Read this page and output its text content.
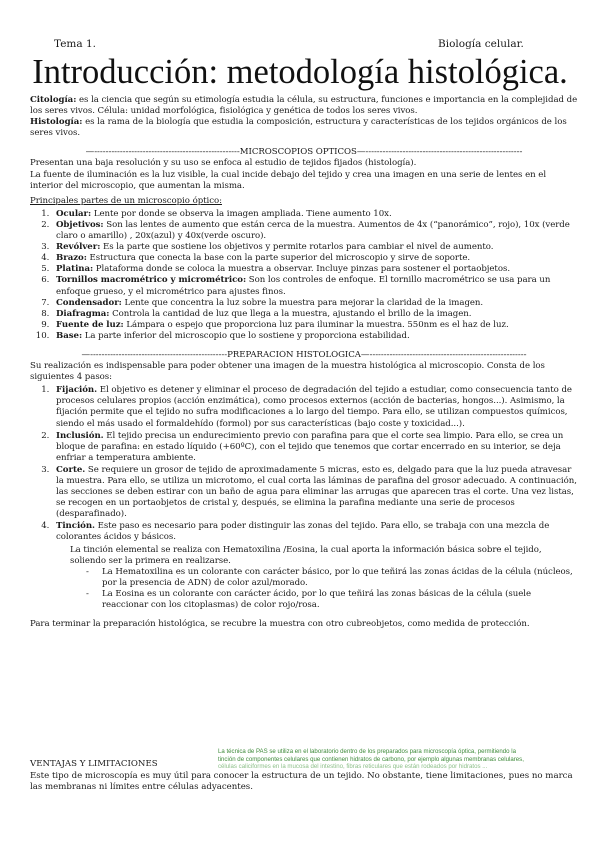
Tema 1.	Biología celular.
Introducción: metodología histológica.

Citología: es la ciencia que según su etimología estudia la célula, su estructura, funciones e importancia en la complejidad de los seres vivos. Célula: unidad morfológica, fisiológica y genética de todos los seres vivos.

Histología: es la rama de la biología que estudia la composición, estructura y características de los tejidos orgánicos de los seres vivos.

—---------------------------------------------------MICROSCÓPIOS ÓPTICOS—-------------------------------------------------------

Presentan una baja resolución y su uso se enfoca al estudio de tejidos fijados (histología).

La fuente de iluminación es la luz visible, la cual incide debajo del tejido y crea una imagen en una serie de lentes en el interior del microscopio, que aumentan la misma.

Principales partes de un microscopio óptico:

1. Ocular: Lente por donde se observa la imagen ampliada. Tiene aumento 10x.
2. Objetivos: Son las lentes de aumento que están cerca de la muestra. Aumentos de 4x (“panorámico”, rojo), 10x (verde claro o amarillo) , 20x(azul) y 40x(verde oscuro).
3. Revólver: Es la parte que sostiene los objetivos y permite rotarlos para cambiar el nivel de aumento.
4. Brazo: Estructura que conecta la base con la parte superior del microscopio y sirve de soporte.
5. Platina: Plataforma donde se coloca la muestra a observar. Incluye pinzas para sostener el portaobjetos.
6. Tornillos macrométrico y micrométrico: Son los controles de enfoque. El tornillo macrométrico se usa para un enfoque grueso, y el micrométrico para ajustes finos.
7. Condensador: Lente que concentra la luz sobre la muestra para mejorar la claridad de la imagen.
8. Diafragma: Controla la cantidad de luz que llega a la muestra, ajustando el brillo de la imagen.
9. Fuente de luz: Lámpara o espejo que proporciona luz para iluminar la muestra. 550nm es el haz de luz.
10. Base: La parte inferior del microscopio que lo sostiene y proporciona estabilidad.

—------------------------------------------------PREPARACIÓN HISTOLÓGICA—-------------------------------------------------------

Su realización es indispensable para poder obtener una imagen de la muestra histológica al microscopio. Consta de los siguientes 4 pasos:

1. Fijación. El objetivo es detener y eliminar el proceso de degradación del tejido a estudiar, como consecuencia tanto de procesos celulares propios (acción enzimática), como procesos externos (acción de bacterias, hongos...). Asimismo, la fijación permite que el tejido no sufra modificaciones a lo largo del tiempo. Para ello, se utilizan compuestos químicos, siendo el más usado el formaldehído (formol) por sus características (bajo coste y toxicidad...).
2. Inclusión. El tejido precisa un endurecimiento previo con parafina para que el corte sea limpio. Para ello, se crea un bloque de parafina: en estado líquido (+60ºC), con el tejido que tenemos que cortar encerrado en su interior, se deja enfriar a temperatura ambiente.
3. Corte. Se requiere un grosor de tejido de aproximadamente 5 micras, esto es, delgado para que la luz pueda atravesar la muestra. Para ello, se utiliza un microtomo, el cual corta las láminas de parafina del grosor adecuado. A continuación, las secciones se deben estirar con un baño de agua para eliminar las arrugas que aparecen tras el corte. Una vez listas, se recogen en un portaobjetos de cristal y, después, se elimina la parafina mediante una serie de procesos (desparafinado).
4. Tinción. Este paso es necesario para poder distinguir las zonas del tejido. Para ello, se trabaja con una mezcla de colorantes ácidos y básicos.

La tinción elemental se realiza con Hematoxilina /Eosina, la cual aporta la información básica sobre el tejido, soliendo ser la primera en realizarse.

- La Hematoxilina es un colorante con carácter básico, por lo que teñirá las zonas ácidas de la célula (núcleos, por la presencia de ADN) de color azul/morado.
- La Eosina es un colorante con carácter ácido, por lo que teñirá las zonas básicas de la célula (suele reaccionar con los citoplasmas) de color rojo/rosa.

Para terminar la preparación histológica, se recubre la muestra con otro cubreobjetos, como medida de protección.

La técnica de PAS se utiliza en el laboratorio dentro de los preparados para microscopía óptica, permitiendo la
tinción de componentes celulares que contienen hidratos de carbono, por ejemplo algunas membranas celulares,
células caliciformes en la mucosa del intestino, fibras reticulares que están rodeados por hidratos ...
VENTAJAS Y LIMITACIONES
Este tipo de microscopía es muy útil para conocer la estructura de un tejido. No obstante, tiene limitaciones, pues no marca las membranas ni límites entre células adyacentes.
